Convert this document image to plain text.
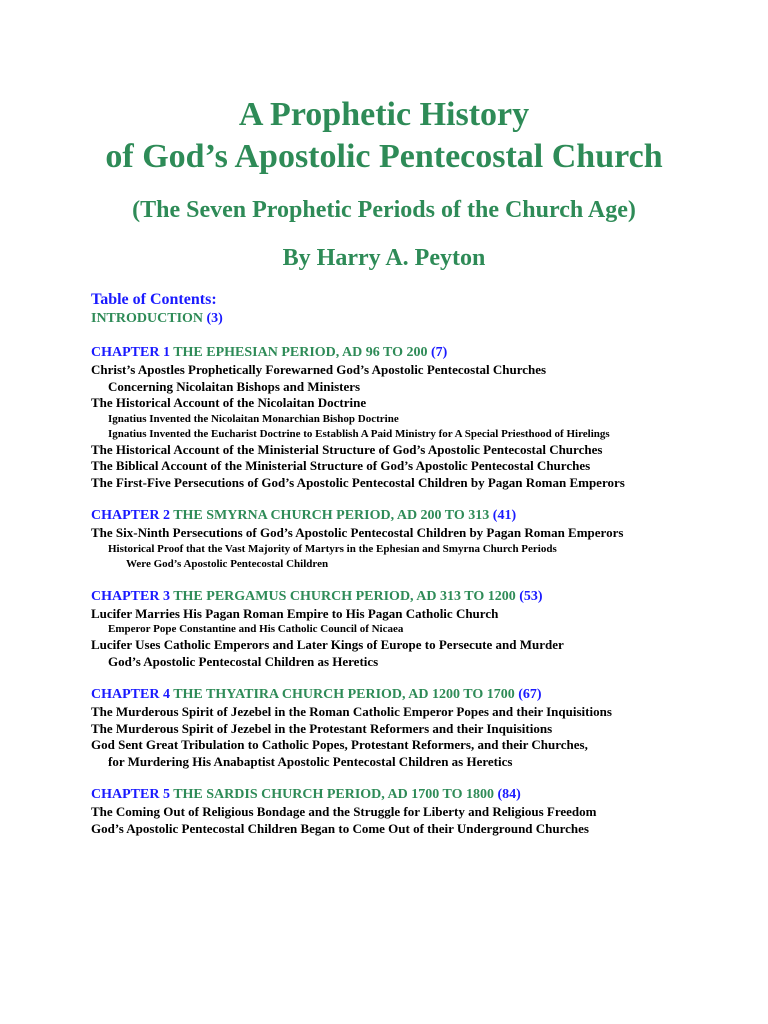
A Prophetic History
of God’s Apostolic Pentecostal Church
(The Seven Prophetic Periods of the Church Age)
By Harry A. Peyton
Table of Contents:
INTRODUCTION (3)
CHAPTER 1 THE EPHESIAN PERIOD, AD 96 TO 200 (7)
Christ’s Apostles Prophetically Forewarned God’s Apostolic Pentecostal Churches
Concerning Nicolaitan Bishops and Ministers
The Historical Account of the Nicolaitan Doctrine
Ignatius Invented the Nicolaitan Monarchian Bishop Doctrine
Ignatius Invented the Eucharist Doctrine to Establish A Paid Ministry for A Special Priesthood of Hirelings
The Historical Account of the Ministerial Structure of God’s Apostolic Pentecostal Churches
The Biblical Account of the Ministerial Structure of God’s Apostolic Pentecostal Churches
The First-Five Persecutions of God’s Apostolic Pentecostal Children by Pagan Roman Emperors
CHAPTER 2 THE SMYRNA CHURCH PERIOD, AD 200 TO 313 (41)
The Six-Ninth Persecutions of God’s Apostolic Pentecostal Children by Pagan Roman Emperors
Historical Proof that the Vast Majority of Martyrs in the Ephesian and Smyrna Church Periods
Were God’s Apostolic Pentecostal Children
CHAPTER 3 THE PERGAMUS CHURCH PERIOD, AD 313 TO 1200 (53)
Lucifer Marries His Pagan Roman Empire to His Pagan Catholic Church
Emperor Pope Constantine and His Catholic Council of Nicaea
Lucifer Uses Catholic Emperors and Later Kings of Europe to Persecute and Murder
God’s Apostolic Pentecostal Children as Heretics
CHAPTER 4 THE THYATIRA CHURCH PERIOD, AD 1200 TO 1700 (67)
The Murderous Spirit of Jezebel in the Roman Catholic Emperor Popes and their Inquisitions
The Murderous Spirit of Jezebel in the Protestant Reformers and their Inquisitions
God Sent Great Tribulation to Catholic Popes, Protestant Reformers, and their Churches,
for Murdering His Anabaptist Apostolic Pentecostal Children as Heretics
CHAPTER 5 THE SARDIS CHURCH PERIOD, AD 1700 TO 1800 (84)
The Coming Out of Religious Bondage and the Struggle for Liberty and Religious Freedom
God’s Apostolic Pentecostal Children Began to Come Out of their Underground Churches
